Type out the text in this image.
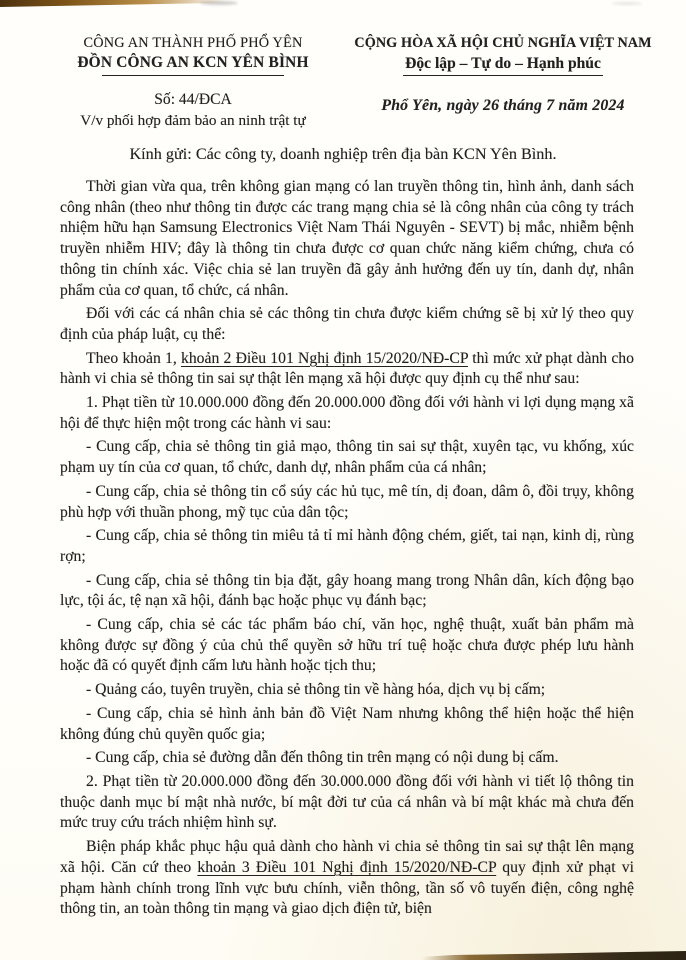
CÔNG AN THÀNH PHỐ PHỔ YÊN
ĐỒN CÔNG AN KCN YÊN BÌNH
Số: 44/ĐCA
V/v phối hợp đảm bảo an ninh trật tự
CỘNG HÒA XÃ HỘI CHỦ NGHĨA VIỆT NAM
Độc lập – Tự do – Hạnh phúc
Phổ Yên, ngày 26 tháng 7 năm 2024
Kính gửi: Các công ty, doanh nghiệp trên địa bàn KCN Yên Bình.

Thời gian vừa qua, trên không gian mạng có lan truyền thông tin, hình ảnh, danh sách công nhân (theo như thông tin được các trang mạng chia sẻ là công nhân của công ty trách nhiệm hữu hạn Samsung Electronics Việt Nam Thái Nguyên - SEVT) bị mắc, nhiễm bệnh truyền nhiễm HIV; đây là thông tin chưa được cơ quan chức năng kiểm chứng, chưa có thông tin chính xác. Việc chia sẻ lan truyền đã gây ảnh hưởng đến uy tín, danh dự, nhân phẩm của cơ quan, tổ chức, cá nhân.

Đối với các cá nhân chia sẻ các thông tin chưa được kiểm chứng sẽ bị xử lý theo quy định của pháp luật, cụ thể:

Theo khoản 1, khoản 2 Điều 101 Nghị định 15/2020/NĐ-CP thì mức xử phạt dành cho hành vi chia sẻ thông tin sai sự thật lên mạng xã hội được quy định cụ thể như sau:

1. Phạt tiền từ 10.000.000 đồng đến 20.000.000 đồng đối với hành vi lợi dụng mạng xã hội để thực hiện một trong các hành vi sau:

- Cung cấp, chia sẻ thông tin giả mạo, thông tin sai sự thật, xuyên tạc, vu khống, xúc phạm uy tín của cơ quan, tổ chức, danh dự, nhân phẩm của cá nhân;

- Cung cấp, chia sẻ thông tin cổ súy các hủ tục, mê tín, dị đoan, dâm ô, đồi trụy, không phù hợp với thuần phong, mỹ tục của dân tộc;

- Cung cấp, chia sẻ thông tin miêu tả tỉ mỉ hành động chém, giết, tai nạn, kinh dị, rùng rợn;

- Cung cấp, chia sẻ thông tin bịa đặt, gây hoang mang trong Nhân dân, kích động bạo lực, tội ác, tệ nạn xã hội, đánh bạc hoặc phục vụ đánh bạc;

- Cung cấp, chia sẻ các tác phẩm báo chí, văn học, nghệ thuật, xuất bản phẩm mà không được sự đồng ý của chủ thể quyền sở hữu trí tuệ hoặc chưa được phép lưu hành hoặc đã có quyết định cấm lưu hành hoặc tịch thu;

- Quảng cáo, tuyên truyền, chia sẻ thông tin về hàng hóa, dịch vụ bị cấm;

- Cung cấp, chia sẻ hình ảnh bản đồ Việt Nam nhưng không thể hiện hoặc thể hiện không đúng chủ quyền quốc gia;

- Cung cấp, chia sẻ đường dẫn đến thông tin trên mạng có nội dung bị cấm.

2. Phạt tiền từ 20.000.000 đồng đến 30.000.000 đồng đối với hành vi tiết lộ thông tin thuộc danh mục bí mật nhà nước, bí mật đời tư của cá nhân và bí mật khác mà chưa đến mức truy cứu trách nhiệm hình sự.

Biện pháp khắc phục hậu quả dành cho hành vi chia sẻ thông tin sai sự thật lên mạng xã hội. Căn cứ theo khoản 3 Điều 101 Nghị định 15/2020/NĐ-CP quy định xử phạt vi phạm hành chính trong lĩnh vực bưu chính, viễn thông, tần số vô tuyến điện, công nghệ thông tin, an toàn thông tin mạng và giao dịch điện tử, biện
